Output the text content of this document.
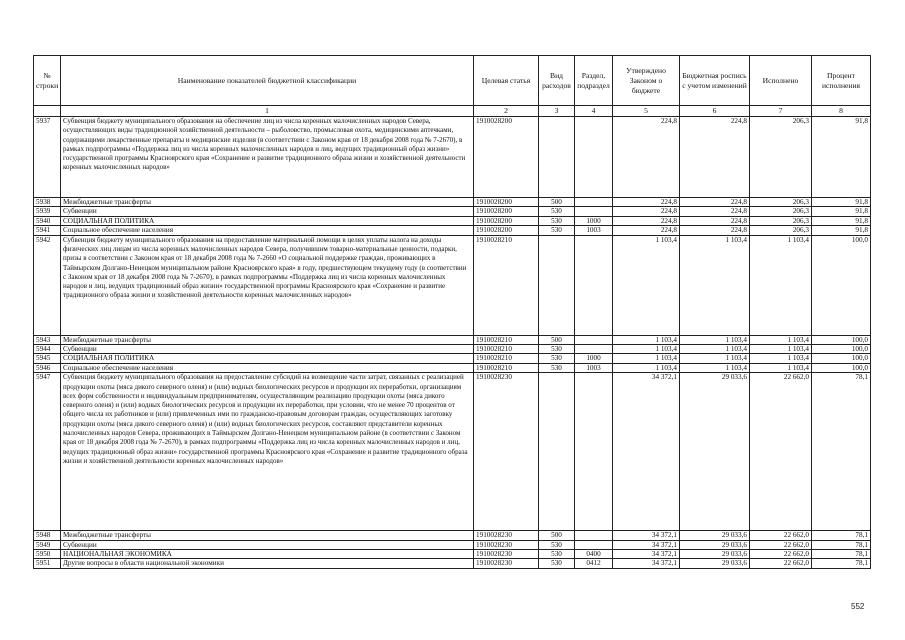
№ строки	Наименование показателей бюджетной классификации	Целевая статья	Вид расходов	Раздел, подраздел	Утверждено Законом о бюджете	Бюджетная роспись с учетом изменений	Исполнено	Процент исполнения
	1	2	3	4	5	6	7	8
5937	Субвенция бюджету муниципального образования на обеспечение лиц из числа коренных малочисленных народов Севера, осуществляющих виды традиционной хозяйственной деятельности – рыболовство, промысловая охота, медицинскими аптечками, содержащими лекарственные препараты и медицинские изделия (в соответствии с Законом края от 18 декабря 2008 года № 7-2670), в рамках подпрограммы «Поддержка лиц из числа коренных малочисленных народов и лиц, ведущих традиционный образ жизни» государственной программы Красноярского края «Сохранение и развитие традиционного образа жизни и хозяйственной деятельности коренных малочисленных народов»	1910028200			224,8	224,8	206,3	91,8
5938	Межбюджетные трансферты	1910028200	500		224,8	224,8	206,3	91,8
5939	Субвенции	1910028200	530		224,8	224,8	206,3	91,8
5940	СОЦИАЛЬНАЯ ПОЛИТИКА	1910028200	530	1000	224,8	224,8	206,3	91,8
5941	Социальное обеспечение населения	1910028200	530	1003	224,8	224,8	206,3	91,8
5942	Субвенция бюджету муниципального образования на предоставление материальной помощи в целях уплаты налога на доходы физических лиц лицам из числа коренных малочисленных народов Севера, получившим товарно-материальные ценности, подарки, призы в соответствии с Законом края от 18 декабря 2008 года № 7-2660 «О социальной поддержке граждан, проживающих в Таймырском Долгано-Ненецком муниципальном районе Красноярского края» в году, предшествующем текущему году (в соответствии с Законом края от 18 декабря 2008 года № 7-2670), в рамках подпрограммы «Поддержка лиц из числа коренных малочисленных народов и лиц, ведущих традиционный образ жизни» государственной программы Красноярского края «Сохранение и развитие традиционного образа жизни и хозяйственной деятельности коренных малочисленных народов»	1910028210			1 103,4	1 103,4	1 103,4	100,0
5943	Межбюджетные трансферты	1910028210	500		1 103,4	1 103,4	1 103,4	100,0
5944	Субвенции	1910028210	530		1 103,4	1 103,4	1 103,4	100,0
5945	СОЦИАЛЬНАЯ ПОЛИТИКА	1910028210	530	1000	1 103,4	1 103,4	1 103,4	100,0
5946	Социальное обеспечение населения	1910028210	530	1003	1 103,4	1 103,4	1 103,4	100,0
5947	Субвенция бюджету муниципального образования на предоставление субсидий на возмещение части затрат, связанных с реализацией продукции охоты (мяса дикого северного оленя) и (или) водных биологических ресурсов и продукции их переработки, организациям всех форм собственности и индивидуальным предпринимателям, осуществляющим реализацию продукции охоты (мяса дикого северного оленя) и (или) водных биологических ресурсов и продукции их переработки, при условии, что не менее 70 процентов от общего числа их работников и (или) привлеченных ими по гражданско-правовым договорам граждан, осуществляющих заготовку продукции охоты (мяса дикого северного оленя) и (или) водных биологических ресурсов, составляют представители коренных малочисленных народов Севера, проживающих в Таймырском Долгано-Ненецком муниципальном районе (в соответствии с Законом края от 18 декабря 2008 года № 7-2670), в рамках подпрограммы «Поддержка лиц из числа коренных малочисленных народов и лиц, ведущих традиционный образ жизни» государственной программы Красноярского края «Сохранение и развитие традиционного образа жизни и хозяйственной деятельности коренных малочисленных народов»	1910028230			34 372,1	29 033,6	22 662,0	78,1
5948	Межбюджетные трансферты	1910028230	500		34 372,1	29 033,6	22 662,0	78,1
5949	Субвенции	1910028230	530		34 372,1	29 033,6	22 662,0	78,1
5950	НАЦИОНАЛЬНАЯ ЭКОНОМИКА	1910028230	530	0400	34 372,1	29 033,6	22 662,0	78,1
5951	Другие вопросы в области национальной экономики	1910028230	530	0412	34 372,1	29 033,6	22 662,0	78,1
552
